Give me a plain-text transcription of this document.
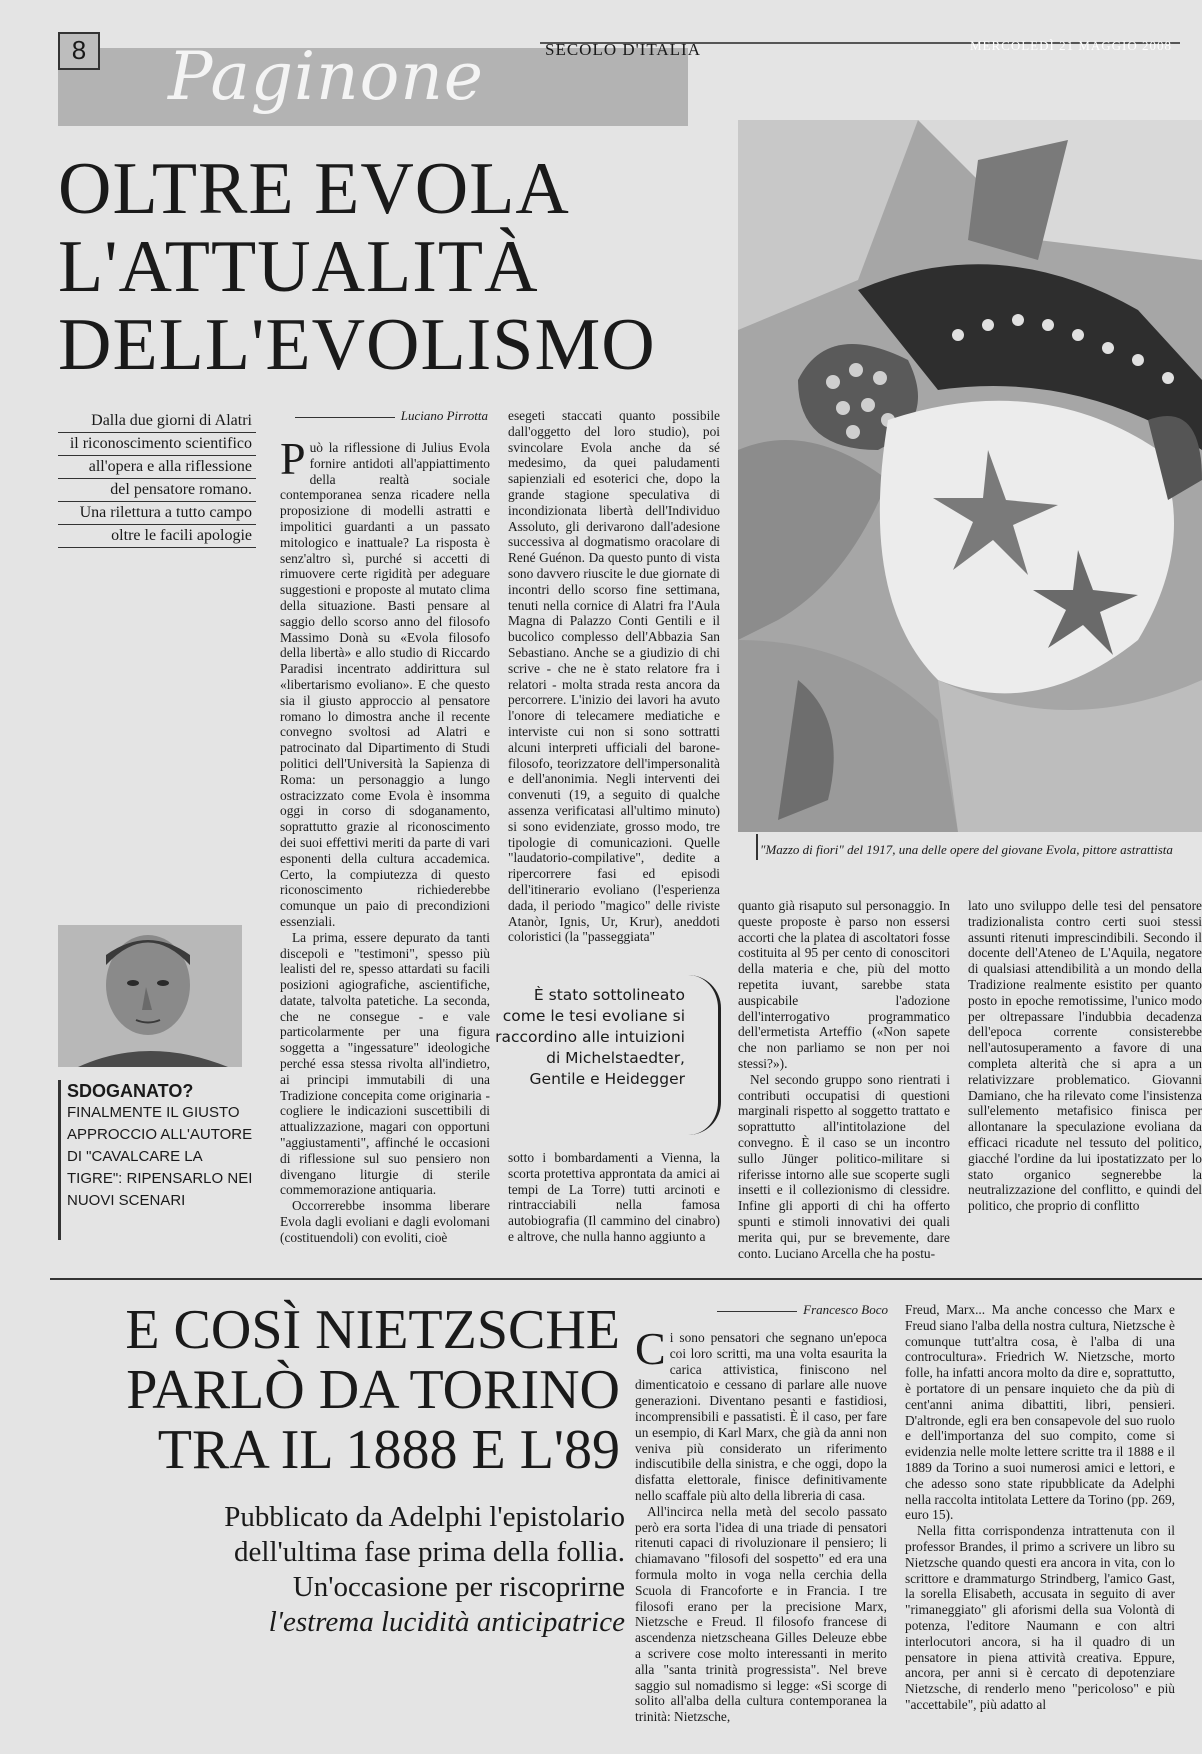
8 Paginone	SECOLO D'ITALIA	MERCOLEDÌ 21 MAGGIO 2008
OLTRE EVOLA
L'ATTUALITÀ
DELL'EVOLISMO
Dalla due giorni di Alatri
il riconoscimento scientifico
all'opera e alla riflessione
del pensatore romano.
Una rilettura a tutto campo
oltre le facili apologie
Luciano Pirrotta

Può la riflessione di Julius Evola fornire antidoti all'appiattimento della realtà sociale contemporanea senza ricadere nella proposizione di modelli astratti e impolitici guardanti a un passato mitologico e inattuale? La risposta è senz'altro sì, purché si accetti di rimuovere certe rigidità per adeguare suggestioni e proposte al mutato clima della situazione. Basti pensare al saggio dello scorso anno del filosofo Massimo Donà su «Evola filosofo della libertà» e allo studio di Riccardo Paradisi incentrato addirittura sul «libertarismo evoliano». E che questo sia il giusto approccio al pensatore romano lo dimostra anche il recente convegno svoltosi ad Alatri e patrocinato dal Dipartimento di Studi politici dell'Università la Sapienza di Roma: un personaggio a lungo ostracizzato come Evola è insomma oggi in corso di sdoganamento, soprattutto grazie al riconoscimento dei suoi effettivi meriti da parte di vari esponenti della cultura accademica. Certo, la compiutezza di questo riconoscimento richiederebbe comunque un paio di precondizioni essenziali.

La prima, essere depurato da tanti discepoli e "testimoni", spesso più lealisti del re, spesso attardati su facili posizioni agiografiche, ascientifiche, datate, talvolta patetiche. La seconda, che ne consegue - e vale particolarmente per una figura soggetta a "ingessature" ideologiche perché essa stessa rivolta all'indietro, ai principi immutabili di una Tradizione concepita come originaria - cogliere le indicazioni suscettibili di attualizzazione, magari con opportuni "aggiustamenti", affinché le occasioni di riflessione sul suo pensiero non divengano liturgie di sterile commemorazione antiquaria.

Occorrerebbe insomma liberare Evola dagli evoliani e dagli evolomani (costituendoli) con evoliti, cioè

esegeti staccati quanto possibile dall'oggetto del loro studio), poi svincolare Evola anche da sé medesimo, da quei paludamenti sapienziali ed esoterici che, dopo la grande stagione speculativa di incondizionata libertà dell'Individuo Assoluto, gli derivarono dall'adesione successiva al dogmatismo oracolare di René Guénon. Da questo punto di vista sono davvero riuscite le due giornate di incontri dello scorso fine settimana, tenuti nella cornice di Alatri fra l'Aula Magna di Palazzo Conti Gentili e il bucolico complesso dell'Abbazia San Sebastiano. Anche se a giudizio di chi scrive - che ne è stato relatore fra i relatori - molta strada resta ancora da percorrere. L'inizio dei lavori ha avuto l'onore di telecamere mediatiche e interviste cui non si sono sottratti alcuni interpreti ufficiali del barone-filosofo, teorizzatore dell'impersonalità e dell'anonimia. Negli interventi dei convenuti (19, a seguito di qualche assenza verificatasi all'ultimo minuto) si sono evidenziate, grosso modo, tre tipologie di comunicazioni. Quelle "laudatorio-compilative", dedite a ripercorrere fasi ed episodi dell'itinerario evoliano (l'esperienza dada, il periodo "magico" delle riviste Atanòr, Ignis, Ur, Krur), aneddoti coloristici (la "passeggiata"

È stato sottolineato come le tesi evoliane si raccordino alle intuizioni di Michelstaedter, Gentile e Heidegger

sotto i bombardamenti a Vienna, la scorta protettiva approntata da amici ai tempi de La Torre) tutti arcinoti e rintracciabili nella famosa autobiografia (Il cammino del cinabro) e altrove, che nulla hanno aggiunto a

"Mazzo di fiori" del 1917, una delle opere del giovane Evola, pittore astrattista

quanto già risaputo sul personaggio. In queste proposte è parso non essersi accorti che la platea di ascoltatori fosse costituita al 95 per cento di conoscitori della materia e che, più del motto repetita iuvant, sarebbe stata auspicabile l'adozione dell'interrogativo programmatico dell'ermetista Arteffio («Non sapete che non parliamo se non per noi stessi?»).

Nel secondo gruppo sono rientrati i contributi occupatisi di questioni marginali rispetto al soggetto trattato e soprattutto all'intitolazione del convegno. È il caso se un incontro sullo Jünger politico-militare si riferisse intorno alle sue scoperte sugli insetti e il collezionismo di clessidre. Infine gli apporti di chi ha offerto spunti e stimoli innovativi dei quali merita qui, pur se brevemente, dare conto. Luciano Arcella che ha postu-

lato uno sviluppo delle tesi del pensatore tradizionalista contro certi suoi stessi assunti ritenuti imprescindibili. Secondo il docente dell'Ateneo de L'Aquila, negatore di qualsiasi attendibilità a un mondo della Tradizione realmente esistito per quanto posto in epoche remotissime, l'unico modo per oltrepassare l'indubbia decadenza dell'epoca corrente consisterebbe nell'autosuperamento a favore di una completa alterità che si apra a un relativizzare problematico. Giovanni Damiano, che ha rilevato come l'insistenza sull'elemento metafisico finisca per allontanare la speculazione evoliana da efficaci ricadute nel tessuto del politico, giacché l'ordine da lui ipostatizzato per lo stato organico segnerebbe la neutralizzazione del conflitto, e quindi del politico, che proprio di conflitto

SDOGANATO?
FINALMENTE IL GIUSTO APPROCCIO ALL'AUTORE DI "CAVALCARE LA TIGRE": RIPENSARLO NEI NUOVI SCENARI
E COSÌ NIETZSCHE
PARLÒ DA TORINO
TRA IL 1888 E L'89
Pubblicato da Adelphi l'epistolario
dell'ultima fase prima della follia.
Un'occasione per riscoprirne
l'estrema lucidità anticipatrice
Francesco Boco

Ci sono pensatori che segnano un'epoca coi loro scritti, ma una volta esaurita la carica attivistica, finiscono nel dimenticatoio e cessano di parlare alle nuove generazioni. Diventano pesanti e fastidiosi, incomprensibili e passatisti. È il caso, per fare un esempio, di Karl Marx, che già da anni non veniva più considerato un riferimento indiscutibile della sinistra, e che oggi, dopo la disfatta elettorale, finisce definitivamente nello scaffale più alto della libreria di casa.

All'incirca nella metà del secolo passato però era sorta l'idea di una triade di pensatori ritenuti capaci di rivoluzionare il pensiero; li chiamavano "filosofi del sospetto" ed era una formula molto in voga nella cerchia della Scuola di Francoforte e in Francia. I tre filosofi erano per la precisione Marx, Nietzsche e Freud. Il filosofo francese di ascendenza nietzscheana Gilles Deleuze ebbe a scrivere cose molto interessanti in merito alla "santa trinità progressista". Nel breve saggio sul nomadismo si legge: «Si scorge di solito all'alba della cultura contemporanea la trinità: Nietzsche,

Freud, Marx... Ma anche concesso che Marx e Freud siano l'alba della nostra cultura, Nietzsche è comunque tutt'altra cosa, è l'alba di una controcultura». Friedrich W. Nietzsche, morto folle, ha infatti ancora molto da dire e, soprattutto, è portatore di un pensare inquieto che da più di cent'anni anima dibattiti, libri, pensieri. D'altronde, egli era ben consapevole del suo ruolo e dell'importanza del suo compito, come si evidenzia nelle molte lettere scritte tra il 1888 e il 1889 da Torino a suoi numerosi amici e lettori, e che adesso sono state ripubblicate da Adelphi nella raccolta intitolata Lettere da Torino (pp. 269, euro 15).

Nella fitta corrispondenza intrattenuta con il professor Brandes, il primo a scrivere un libro su Nietzsche quando questi era ancora in vita, con lo scrittore e drammaturgo Strindberg, l'amico Gast, la sorella Elisabeth, accusata in seguito di aver "rimaneggiato" gli aforismi della sua Volontà di potenza, l'editore Naumann e con altri interlocutori ancora, si ha il quadro di un pensatore in piena attività creativa. Eppure, ancora, per anni si è cercato di depotenziare Nietzsche, di renderlo meno "pericoloso" e più "accettabile", più adatto al
